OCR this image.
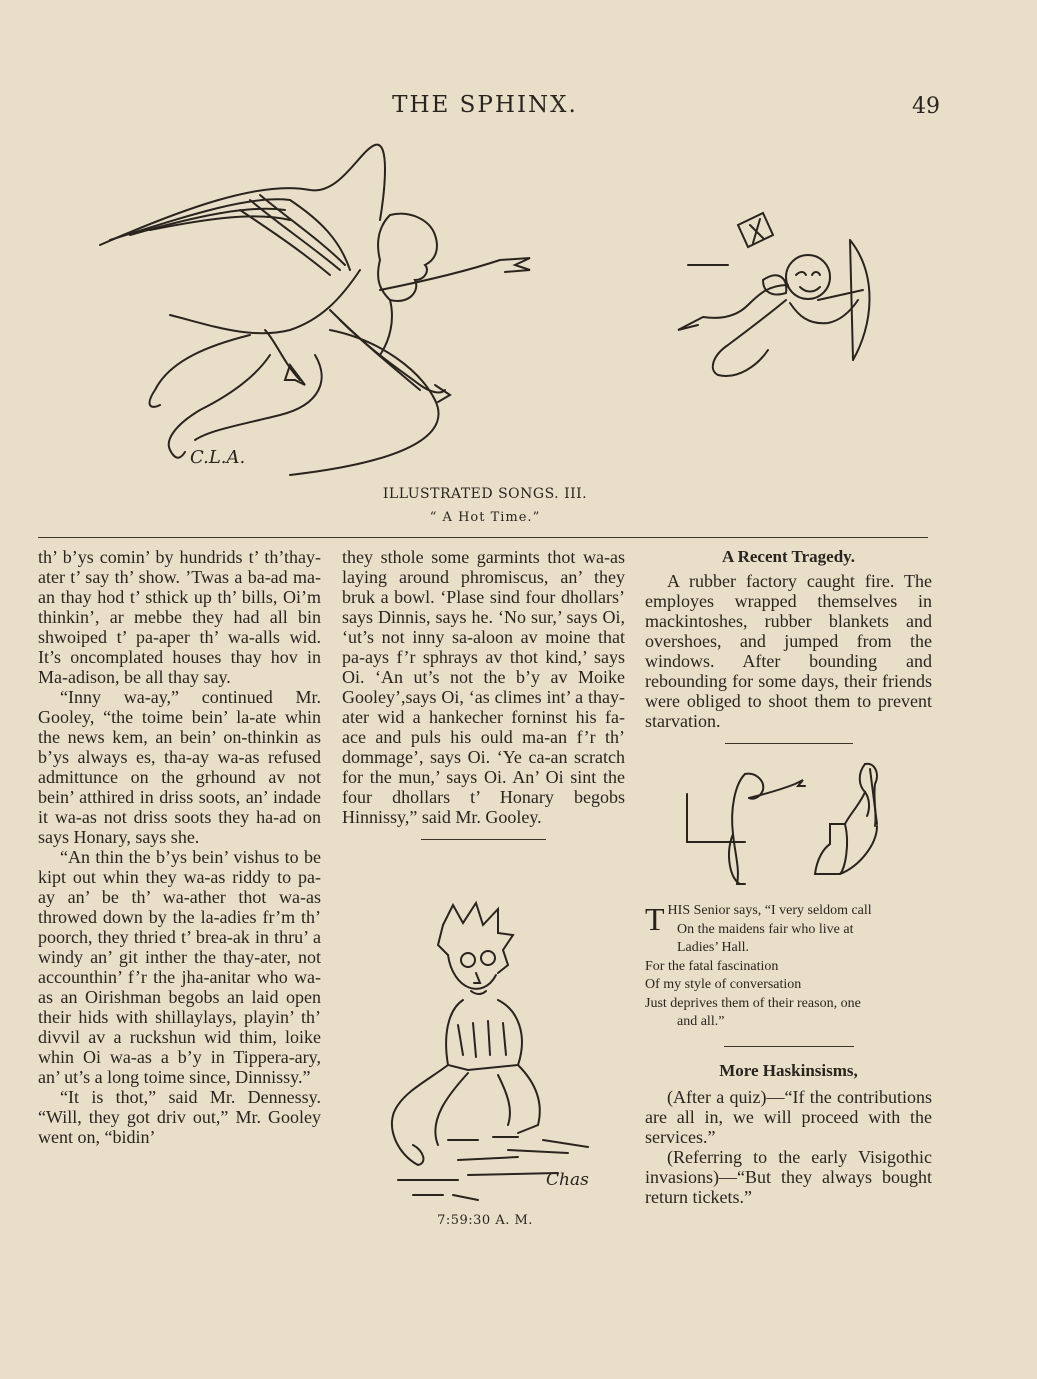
THE SPHINX.	49
C.L.A.
ILLUSTRATED SONGS. III.
“ A Hot Time.”

th’ b’ys comin’ by hundrids t’ th’thay-ater t’ say th’ show. ’Twas a ba-ad ma-an thay hod t’ sthick up th’ bills, Oi’m thinkin’, ar mebbe they had all bin shwoiped t’ pa-aper th’ wa-alls wid. It’s oncomplated houses thay hov in Ma-adison, be all thay say.

“Inny wa-ay,” continued Mr. Gooley, “the toime bein’ la-ate whin the news kem, an bein’ on-thinkin as b’ys always es, tha-ay wa-as refused admittunce on the grhound av not bein’ atthired in driss soots, an’ indade it wa-as not driss soots they ha-ad on says Honary, says she.

“An thin the b’ys bein’ vishus to be kipt out whin they wa-as riddy to pa-ay an’ be th’ wa-ather thot wa-as throwed down by the la-adies fr’m th’ poorch, they thried t’ brea-ak in thru’ a windy an’ git inther the thay-ater, not accounthin’ f’r the jha-anitar who wa-as an Oirishman begobs an laid open their hids with shillaylays, playin’ th’ divvil av a ruckshun wid thim, loike whin Oi wa-as a b’y in Tippera-ary, an’ ut’s a long toime since, Dinnissy.”

“It is thot,” said Mr. Dennessy. “Will, they got driv out,” Mr. Gooley went on, “bidin’

they sthole some garmints thot wa-as laying around phromiscus, an’ they bruk a bowl. ‘Plase sind four dhollars’ says Dinnis, says he. ‘No sur,’ says Oi, ‘ut’s not inny sa-aloon av moine that pa-ays f’r sphrays av thot kind,’ says Oi. ‘An ut’s not the b’y av Moike Gooley’,says Oi, ‘as climes int’ a thay-ater wid a hankecher forninst his fa-ace and puls his ould ma-an f’r th’ dommage’, says Oi. ‘Ye ca-an scratch for the mun,’ says Oi. An’ Oi sint the four dhollars t’ Honary begobs Hinnissy,” said Mr. Gooley.

Chas
7:59:30 A. M.
A Recent Tragedy.

A rubber factory caught fire. The employes wrapped themselves in mackintoshes, rubber blankets and overshoes, and jumped from the windows. After bounding and rebounding for some days, their friends were obliged to shoot them to prevent starvation.

T HIS Senior says, “I very seldom call
On the maidens fair who live at
Ladies’ Hall.
For the fatal fascination
Of my style of conversation
Just deprives them of their reason, one
and all.”
More Haskinsisms,

(After a quiz)—“If the contributions are all in, we will proceed with the services.”

(Referring to the early Visigothic invasions)—“But they always bought return tickets.”
